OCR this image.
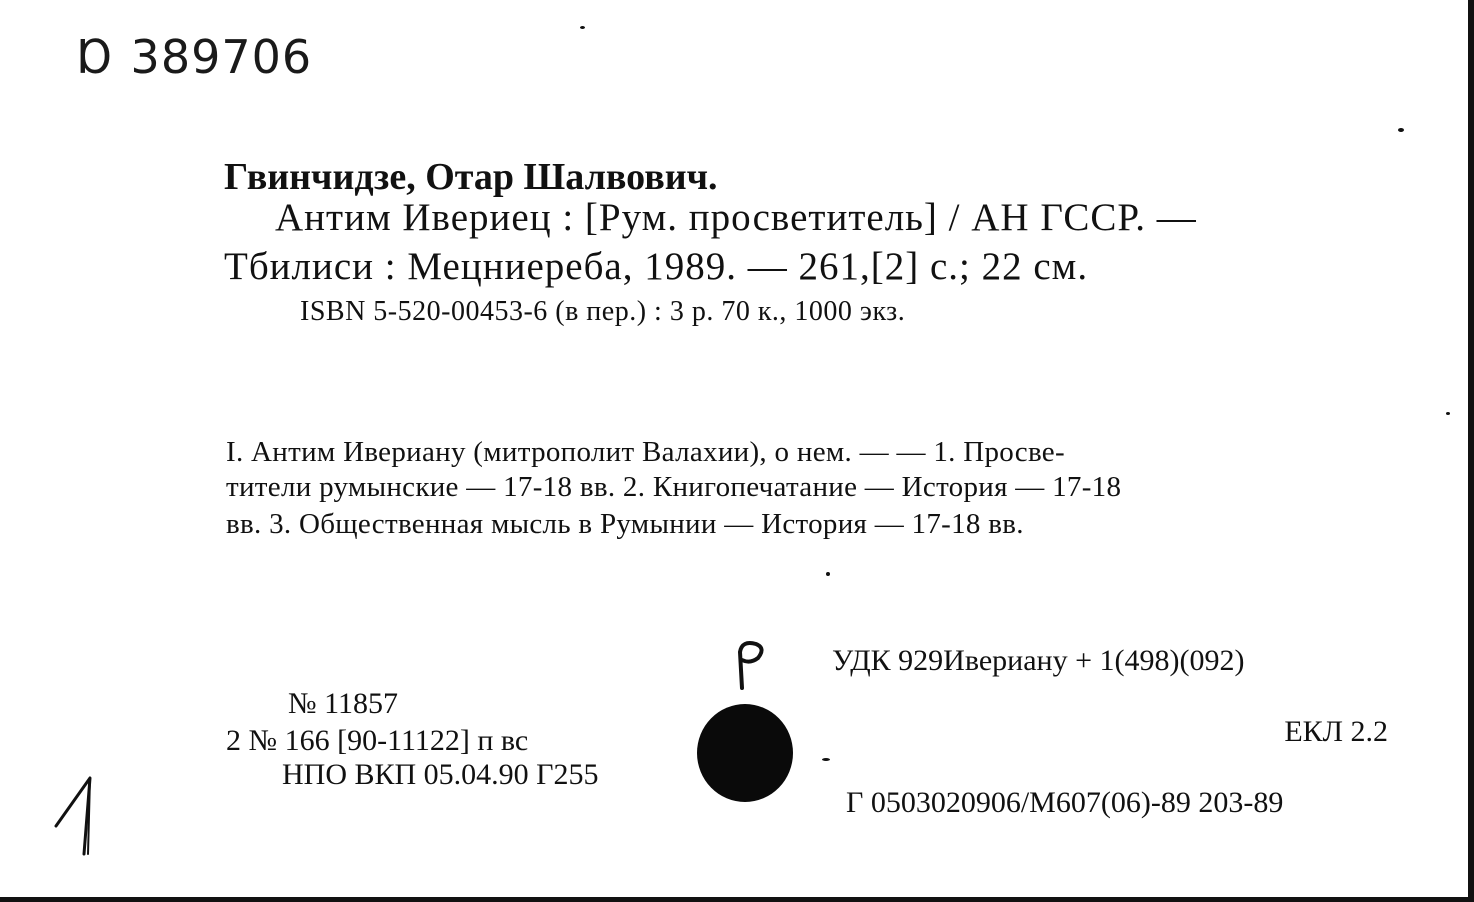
Ɒ 389706
Гвинчидзе, Отар Шалвович.
Антим Ивериец : [Рум. просветитель] / АН ГССР. —
Тбилиси : Мецниереба, 1989. — 261,[2] с.; 22 см.
ISBN 5-520-00453-6 (в пер.) : 3 р. 70 к., 1000 экз.
I. Антим Ивериану (митрополит Валахии), о нем. — — 1. Просве-
тители румынские — 17-18 вв. 2. Книгопечатание — История — 17-18
вв. 3. Общественная мысль в Румынии — История — 17-18 вв.
УДК 929Ивериану + 1(498)(092)
ЕКЛ 2.2
Г 0503020906/М607(06)-89 203-89
№ 11857
2 № 166 [90-11122] п вс
НПО ВКП 05.04.90 Г255
